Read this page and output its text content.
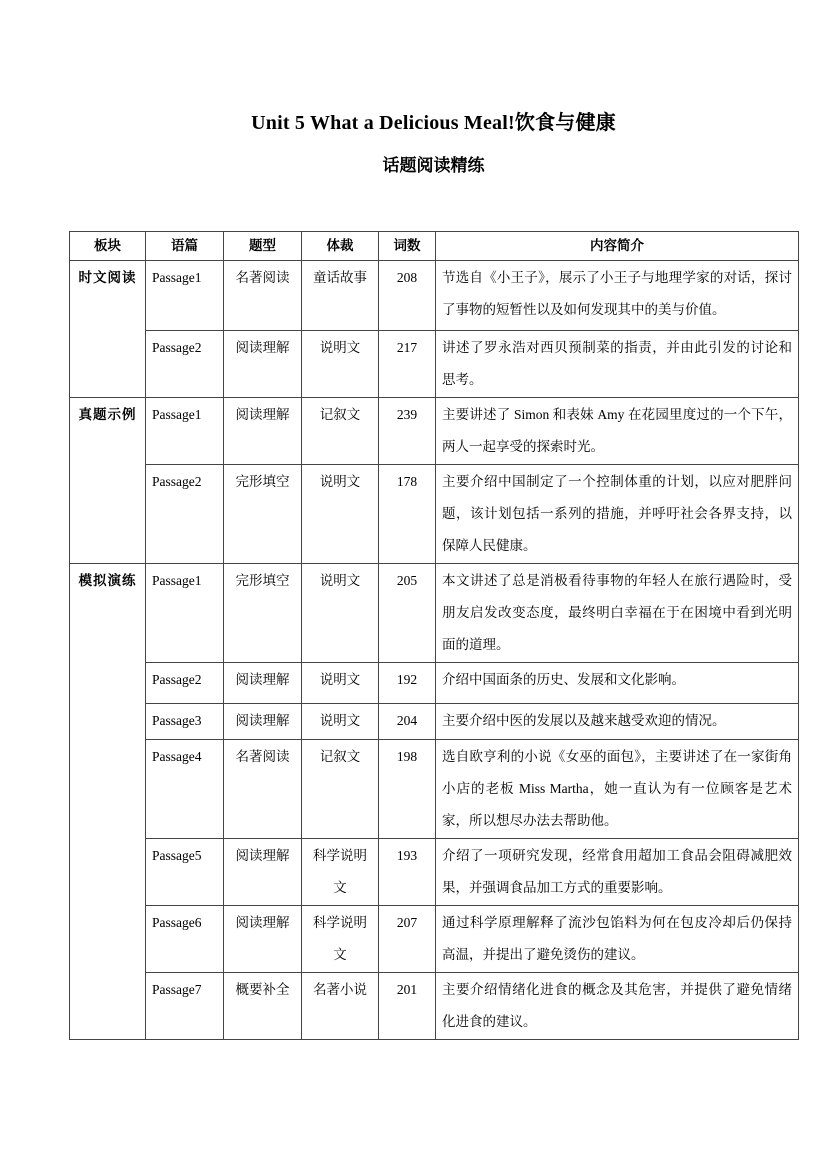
Unit 5 What a Delicious Meal!饮食与健康
话题阅读精练
板块	语篇	题型	体裁	词数	内容简介
时文阅读	Passage1	名著阅读	童话故事	208	节选自《小王子》，展示了小王子与地理学家的对话，探讨了事物的短暂性以及如何发现其中的美与价值。
	Passage2	阅读理解	说明文	217	讲述了罗永浩对西贝预制菜的指责，并由此引发的讨论和思考。
真题示例	Passage1	阅读理解	记叙文	239	主要讲述了 Simon 和表妹 Amy 在花园里度过的一个下午，两人一起享受的探索时光。
	Passage2	完形填空	说明文	178	主要介绍中国制定了一个控制体重的计划，以应对肥胖问题，该计划包括一系列的措施，并呼吁社会各界支持，以保障人民健康。
模拟演练	Passage1	完形填空	说明文	205	本文讲述了总是消极看待事物的年轻人在旅行遇险时，受朋友启发改变态度，最终明白幸福在于在困境中看到光明面的道理。
	Passage2	阅读理解	说明文	192	介绍中国面条的历史、发展和文化影响。
	Passage3	阅读理解	说明文	204	主要介绍中医的发展以及越来越受欢迎的情况。
	Passage4	名著阅读	记叙文	198	选自欧亨利的小说《女巫的面包》，主要讲述了在一家街角小店的老板 Miss Martha，她一直认为有一位顾客是艺术家，所以想尽办法去帮助他。
	Passage5	阅读理解	科学说明文	193	介绍了一项研究发现，经常食用超加工食品会阻碍减肥效果，并强调食品加工方式的重要影响。
	Passage6	阅读理解	科学说明文	207	通过科学原理解释了流沙包馅料为何在包皮冷却后仍保持高温，并提出了避免烫伤的建议。
	Passage7	概要补全	名著小说	201	主要介绍情绪化进食的概念及其危害，并提供了避免情绪化进食的建议。
